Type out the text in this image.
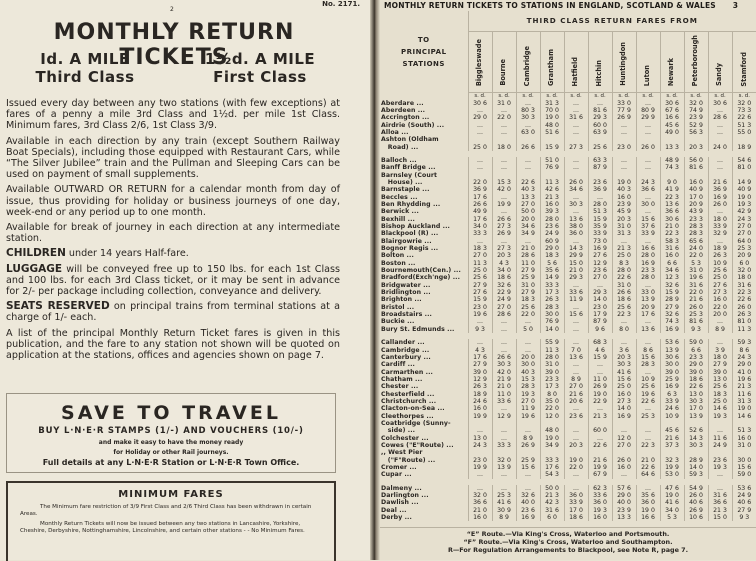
2
No. 2171.
MONTHLY RETURN TICKETS
Id. A MILE
Third Class
1½d. A MILE
First Class

Issued every day between any two stations (with few exceptions) at fares of a penny a mile 3rd Class and 1½d. per mile 1st Class. Minimum fares, 3rd Class 2/6, 1st Class 3/9.

Available in each direction by any train (except Southern Railway Boat Specials), including those equipped with Restaurant Cars, while “The Silver Jubilee” train and the Pullman and Sleeping Cars can be used on payment of small supplements.

Available OUTWARD OR RETURN for a calendar month from day of issue, thus providing for holiday or business journeys of one day, week-end or any period up to one month.

Available for break of journey in each direction at any intermediate station.

CHILDREN under 14 years Half-fare.

LUGGAGE will be conveyed free up to 150 lbs. for each 1st Class and 100 lbs. for each 3rd Class ticket, or it may be sent in advance for 2/- per package including collection, conveyance and delivery.

SEATS RESERVED on principal trains from terminal stations at a charge of 1/- each.

A list of the principal Monthly Return Ticket fares is given in this publication, and the fare to any station not shown will be quoted on application at the stations, offices and agencies shown on page 7.

SAVE TO TRAVEL
BUY L·N·E·R STAMPS (1/-) AND VOUCHERS (10/-)
and make it easy to have the money ready
for Holiday or other Rail journeys.
Full details at any L·N·E·R Station or L·N·E·R Town Office.
MINIMUM FARES

The Minimum fare restriction of 3/9 First Class and 2/6 Third Class has been withdrawn in certain Areas.

Monthly Return Tickets will now be issued between any two stations in Lancashire, Yorkshire, Cheshire, Derbyshire, Nottinghamshire, Lincolnshire, and certain other stations - - No Minimum Fares.

MONTHLY RETURN TICKETS TO STATIONS IN ENGLAND, SCOTLAND & WALES 3
TO
PRINCIPAL
STATIONS	THIRD CLASS RETURN FARES FROM											
	Biggleswade	Bourne	Cambridge	Grantham	Hatfield	Hitchin	Huntingdon	Luton	Newark	Peterborough	Sandy	Stamford
	s. d.	s. d.	s. d.	s. d.	s. d.	s. d.	s. d.	s. d.	s. d.	s. d.	s. d.	s. d.
Aberdare ...	30 6	31 0	...	31 3	...	...	33 0	...	30 6	32 0	30 6	32 0
Aberdeen ...	...	...	80 3	70 0	...	81 6	77 9	80 9	67 6	74 9	...	73 3
Accrington ...	29 0	22 0	30 3	19 0	31 6	29 3	26 9	29 9	16 6	23 9	28 6	22 6
Airdrie (South) ...	...	...	...	48 0	...	60 0	...	...	45 6	52 9	...	51 3
Alloa ...	...	...	63 0	51 6	...	63 9	...	...	49 0	56 3	...	55 0
Ashton (Oldham												
Road) ...	25 0	18 0	26 6	15 9	27 3	25 6	23 0	26 0	13 3	20 3	24 0	18 9

Balloch ...	...	...	...	51 0	...	63 3	...	...	48 9	56 0	...	54 6
Banff Bridge ...	...	...	...	76 9	...	87 9	...	...	74 3	81 6	...	81 0
Barnsley (Court												
House) ...	22 0	15 3	22 6	11 3	26 0	23 6	19 0	24 3	9 0	16 0	21 6	14 9
Barnstaple ...	36 9	42 0	40 3	42 6	34 6	36 9	40 3	36 6	41 9	40 9	36 9	40 9
Beccles ...	17 6	...	13 3	21 3	...	...	16 0	...	22 3	17 0	16 9	19 0
Ben Rhydding ...	26 6	19 9	27 0	16 0	30 3	28 0	23 9	30 0	13 6	20 9	26 0	19 3
Berwick ...	49 9	...	50 0	39 3	...	51 3	45 9	...	36 6	43 9	...	42 9
Bexhill ...	17 6	26 6	20 0	28 0	13 6	15 9	20 3	15 6	30 6	23 3	18 0	24 3
Bishop Auckland ...	34 0	27 3	34 6	23 6	38 0	35 9	31 0	37 6	21 0	28 3	33 9	27 0
Blackpool (R) ...	33 3	26 9	34 9	24 9	36 0	33 9	31 3	33 9	22 3	28 3	32 9	27 0
Blairgowrie ...	...	...	...	60 9	...	73 0	...	...	58 3	65 6	...	64 0
Bognor Regis ...	18 3	27 3	21 0	29 0	14 3	16 9	21 3	16 6	31 6	24 0	18 9	25 3
Bolton ...	27 0	20 3	28 6	18 3	29 9	27 6	25 0	28 0	16 0	22 0	26 3	20 9
Boston ...	11 3	4 3	11 0	5 6	15 0	12 9	8 3	16 9	6 6	5 3	10 9	6 0
Bournemouth(Cen.) ...	25 0	34 0	27 9	35 6	21 0	23 6	28 0	23 3	34 6	31 0	25 6	32 0
Bradford(Exch'nge) ...	25 6	18 6	25 9	14 9	29 3	27 0	22 6	28 0	12 3	19 6	25 0	18 0
Bridgwater ...	27 9	32 6	31 0	33 3	...	...	31 0	...	32 6	31 6	27 6	31 6
Bridlington ...	27 6	22 9	27 9	17 3	33 6	29 3	26 6	33 0	15 9	22 0	27 3	22 3
Brighton ...	15 9	24 9	18 3	26 3	11 9	14 0	18 6	13 9	28 9	21 6	16 0	22 6
Bristol ...	23 0	27 0	25 6	28 3	...	23 0	25 6	20 9	27 9	26 0	22 0	26 0
Broadstairs ...	19 6	28 6	22 0	30 0	15 6	17 9	22 3	17 6	32 6	25 3	20 0	26 3
Buckie ...	...	...	...	76 9	...	87 9	...	...	74 3	81 6	...	81 0
Bury St. Edmunds ...	9 3	...	5 0	14 0	...	9 6	8 0	13 6	16 9	9 3	8 9	11 3

Callander ...	...	...	...	55 9	...	68 3	...	...	53 6	59 0	...	59 3
Cambridge ...	4 3	...	...	11 3	7 0	4 6	3 6	8 6	13 9	6 6	3 9	8 6
Canterbury ...	17 6	26 6	20 0	28 0	13 6	15 9	20 3	15 6	30 6	23 3	18 0	24 3
Cardiff ...	27 9	30 3	30 0	31 0	...	...	30 3	28 3	30 0	29 0	27 9	29 0
Carmarthen ...	39 0	42 0	40 3	39 0	...	...	41 6	...	39 0	39 0	39 0	41 0
Chatham ...	12 9	21 9	15 3	23 3	8 9	11 0	15 6	10 9	25 9	18 6	13 0	19 6
Chester ...	26 3	21 0	28 3	17 3	27 0	26 9	25 0	25 6	16 9	22 6	25 6	21 3
Chesterfield ...	18 9	11 0	19 3	8 0	21 6	19 0	16 0	19 6	6 3	13 0	18 3	11 6
Christchurch ...	24 6	33 6	27 0	35 0	20 6	22 9	27 3	22 6	33 9	30 3	25 0	31 3
Clacton-on-Sea ...	16 0	...	11 9	22 0	...	...	14 0	...	24 6	17 0	14 6	19 0
Cleethorpes ...	19 9	12 9	19 6	12 0	23 6	21 3	16 9	25 3	10 9	13 9	19 3	14 6
Coatbridge (Sunny-												
side) ...	...	...	...	48 0	...	60 0	...	...	45 6	52 6	...	51 3
Colchester ...	13 0	...	8 9	19 0	...	...	12 0	...	21 6	14 3	11 6	16 0
Cowes ("E"Route) ...	24 3	33 3	26 9	34 9	20 3	22 6	27 0	22 3	37 3	30 3	24 9	31 0
,, West Pier												
("F"Route) ...	23 0	32 0	25 9	33 3	19 0	21 6	26 0	21 0	32 3	28 9	23 6	30 0
Cromer ...	19 9	13 9	15 6	17 6	22 0	19 9	16 0	22 6	19 9	14 0	19 3	15 6
Cupar ...	...	...	...	54 3	...	67 9	...	64 6	53 0	59 3	...	59 0

Dalmeny ...	...	...	...	50 0	...	62 3	57 6	...	47 6	54 9	...	53 6
Darlington ...	32 0	25 3	32 6	21 3	36 0	33 6	29 0	35 6	19 0	26 0	31 6	24 9
Dawlish ...	36 6	41 6	40 0	42 3	33 9	36 0	40 0	36 0	41 6	40 6	36 6	40 6
Deal ...	21 0	30 9	23 6	31 6	17 0	19 3	23 9	19 0	34 0	26 9	21 3	27 9
Derby ...	16 0	8 9	16 9	6 0	18 6	16 0	13 3	16 6	5 3	10 6	15 0	9 3
“E” Route.—Via King's Cross, Waterloo and Portsmouth.
“F” Route.—Via King's Cross, Waterloo and Southampton.
R—For Regulation Arrangements to Blackpool, see Note R, page 7.
